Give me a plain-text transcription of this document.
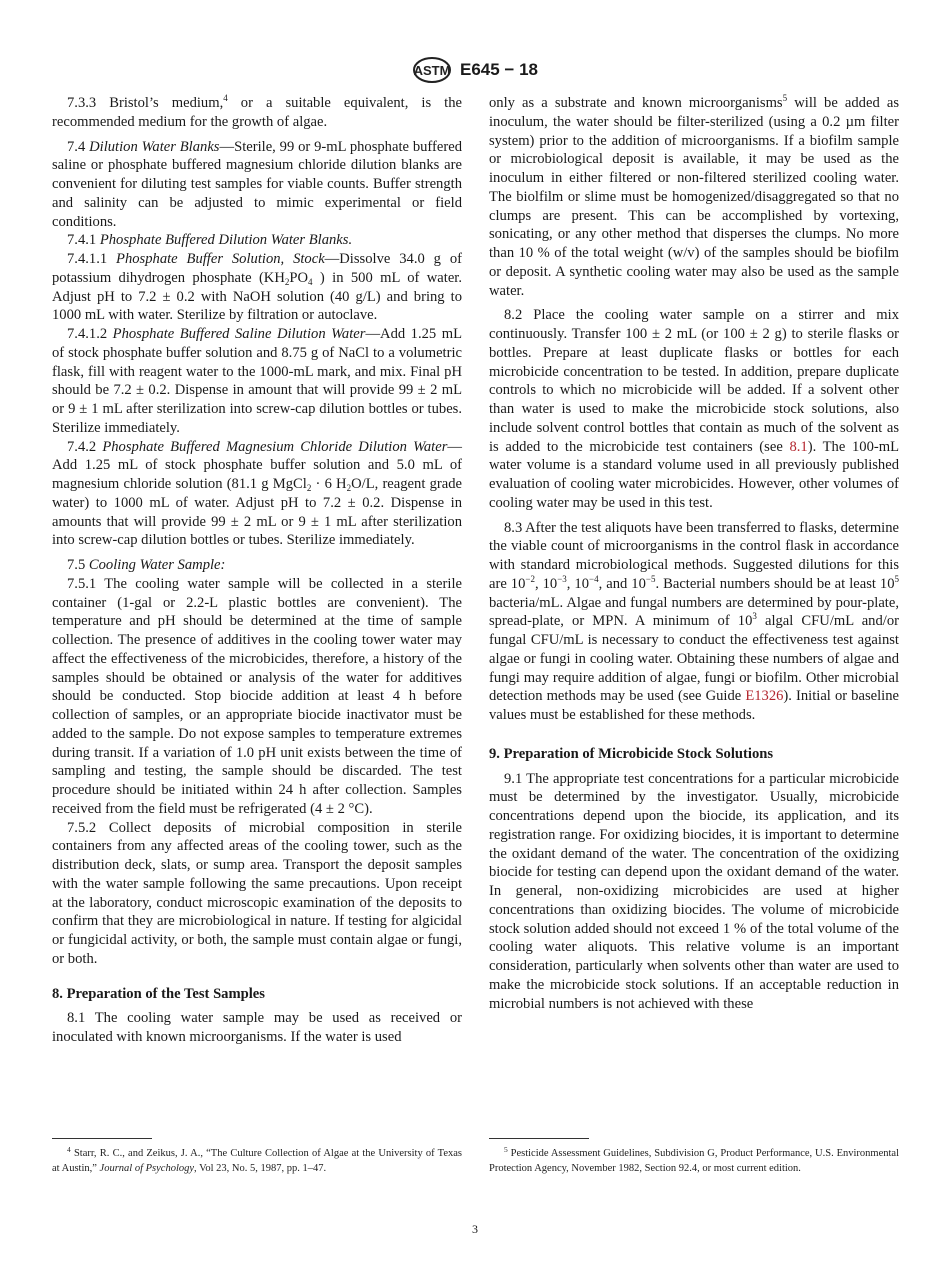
ASTM E645 − 18

7.3.3 Bristol’s medium,$^4$ or a suitable equivalent, is the recommended medium for the growth of algae.

7.4 Dilution Water Blanks—Sterile, 99 or 9-mL phosphate buffered saline or phosphate buffered magnesium chloride dilution blanks are convenient for diluting test samples for viable counts. Buffer strength and salinity can be adjusted to mimic experimental or field conditions.

7.4.1 Phosphate Buffered Dilution Water Blanks.

7.4.1.1 Phosphate Buffer Solution, Stock—Dissolve 34.0 g of potassium dihydrogen phosphate ($KH_2PO_4$ ) in 500 mL of water. Adjust pH to 7.2 ± 0.2 with NaOH solution (40 g/L) and bring to 1000 mL with water. Sterilize by filtration or autoclave.

7.4.1.2 Phosphate Buffered Saline Dilution Water—Add 1.25 mL of stock phosphate buffer solution and 8.75 g of NaCl to a volumetric flask, fill with reagent water to the 1000-mL mark, and mix. Final pH should be 7.2 ± 0.2. Dispense in amount that will provide 99 ± 2 mL or 9 ± 1 mL after sterilization into screw-cap dilution bottles or tubes. Sterilize immediately.

7.4.2 Phosphate Buffered Magnesium Chloride Dilution Water—Add 1.25 mL of stock phosphate buffer solution and 5.0 mL of magnesium chloride solution (81.1 g MgCl$_2$ · 6 $H_2O/L$, reagent grade water) to 1000 mL of water. Adjust pH to 7.2 ± 0.2. Dispense in amounts that will provide 99 ± 2 mL or 9 ± 1 mL after sterilization into screw-cap dilution bottles or tubes. Sterilize immediately.

7.5 Cooling Water Sample:

7.5.1 The cooling water sample will be collected in a sterile container (1-gal or 2.2-L plastic bottles are convenient). The temperature and pH should be determined at the time of sample collection. The presence of additives in the cooling tower water may affect the effectiveness of the microbicides, therefore, a history of the samples should be obtained or analysis of the water for additives should be conducted. Stop biocide addition at least 4 h before collection of samples, or an appropriate biocide inactivator must be added to the sample. Do not expose samples to temperature extremes during transit. If a variation of 1.0 pH unit exists between the time of sampling and testing, the sample should be discarded. The test procedure should be initiated within 24 h after collection. Samples received from the field must be refrigerated (4 ± 2 °C).

7.5.2 Collect deposits of microbial composition in sterile containers from any affected areas of the cooling tower, such as the distribution deck, slats, or sump area. Transport the deposit samples with the water sample following the same precautions. Upon receipt at the laboratory, conduct microscopic examination of the deposits to confirm that they are microbiological in nature. If testing for algicidal or fungicidal activity, or both, the sample must contain algae or fungi, or both.

8. Preparation of the Test Samples

8.1 The cooling water sample may be used as received or inoculated with known microorganisms. If the water is used

only as a substrate and known microorganisms$^5$ will be added as inoculum, the water should be filter-sterilized (using a 0.2 µm filter system) prior to the addition of microorganisms. If a biofilm sample or microbiological deposit is available, it may be used as the inoculum in either filtered or non-filtered sterilized cooling water. The biolfilm or slime must be homogenized/disaggregated so that no clumps are present. This can be accomplished by vortexing, sonicating, or any other method that disperses the clumps. No more than 10 % of the total weight (w/v) of the samples should be biofilm or deposit. A synthetic cooling water may also be used as the sample water.

8.2 Place the cooling water sample on a stirrer and mix continuously. Transfer 100 ± 2 mL (or 100 ± 2 g) to sterile flasks or bottles. Prepare at least duplicate flasks or bottles for each microbicide concentration to be tested. In addition, prepare duplicate controls to which no microbicide will be added. If a solvent other than water is used to make the microbicide stock solutions, also include solvent control bottles that contain as much of the solvent as is added to the microbicide test containers (see 8.1). The 100-mL water volume is a standard volume used in all previously published evaluation of cooling water microbicides. However, other volumes of cooling water may be used in this test.

8.3 After the test aliquots have been transferred to flasks, determine the viable count of microorganisms in the control flask in accordance with standard microbiological methods. Suggested dilutions for this are $10^{-2}$, $10^{-3}$, $10^{-4}$, and $10^{-5}$. Bacterial numbers should be at least $10^5$ bacteria/mL. Algae and fungal numbers are determined by pour-plate, spread-plate, or MPN. A minimum of $10^3$ algal CFU/mL and/or fungal CFU/mL is necessary to conduct the effectiveness test against algae or fungi in cooling water. Obtaining these numbers of algae and fungi may require addition of algae, fungi or biofilm. Other microbial detection methods may be used (see Guide E1326). Initial or baseline values must be established for these methods.

9. Preparation of Microbicide Stock Solutions

9.1 The appropriate test concentrations for a particular microbicide must be determined by the investigator. Usually, microbicide concentrations depend upon the biocide, its application, and its registration range. For oxidizing biocides, it is important to determine the oxidant demand of the water. The concentration of the oxidizing biocide for testing can depend upon the oxidant demand of the water. In general, non-oxidizing microbicides are used at higher concentrations than oxidizing biocides. The volume of microbicide stock solution added should not exceed 1 % of the total volume of the cooling water aliquots. This relative volume is an important consideration, particularly when solvents other than water are used to make the microbicide stock solutions. If an acceptable reduction in microbial numbers is not achieved with these

$^4$ Starr, R. C., and Zeikus, J. A., “The Culture Collection of Algae at the University of Texas at Austin,” Journal of Psychology, Vol 23, No. 5, 1987, pp. 1–47.

$^5$ Pesticide Assessment Guidelines, Subdivision G, Product Performance, U.S. Environmental Protection Agency, November 1982, Section 92.4, or most current edition.

3
